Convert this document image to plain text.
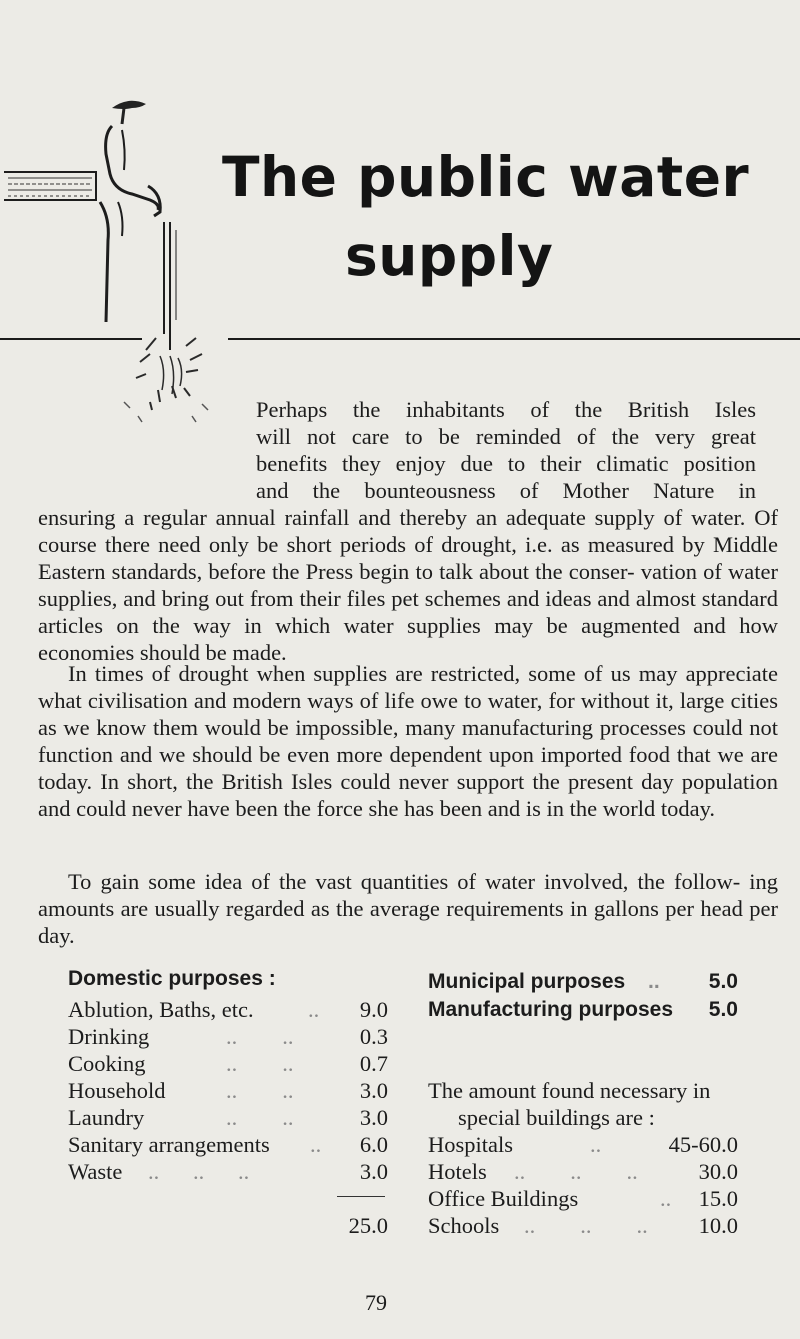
The public water
supply
Perhaps the inhabitants of the British Isles
will not care to be reminded of the very great
benefits they enjoy due to their climatic position
and the bounteousness of Mother Nature in

ensuring a regular annual rainfall and thereby an adequate supply of water. Of course there need only be short periods of drought, i.e. as measured by Middle Eastern standards, before the Press begin to talk about the conser- vation of water supplies, and bring out from their files pet schemes and ideas and almost standard articles on the way in which water supplies may be augmented and how economies should be made.

In times of drought when supplies are restricted, some of us may appreciate what civilisation and modern ways of life owe to water, for without it, large cities as we know them would be impossible, many manufacturing processes could not function and we should be even more dependent upon imported food that we are today. In short, the British Isles could never support the present day population and could never have been the force she has been and is in the world today.

To gain some idea of the vast quantities of water involved, the follow- ing amounts are usually regarded as the average requirements in gallons per head per day.

Domestic purposes :
Ablution, Baths, etc. .. 9.0
Drinking	..        ..	0.3
Cooking	..        ..	0.7
Household	..        ..	3.0
Laundry	..        ..	3.0
Sanitary arrangements .. 6.0
Waste ..      ..      ..	3.0
25.0
Municipal purposes .. 5.0
Manufacturing purposes 5.0
The amount found necessary in
special buildings are :
Hospitals	..	45-60.0
Hotels ..        ..        ..	30.0
Office Buildings	.. 15.0
Schools ..        ..        .. 10.0
79
